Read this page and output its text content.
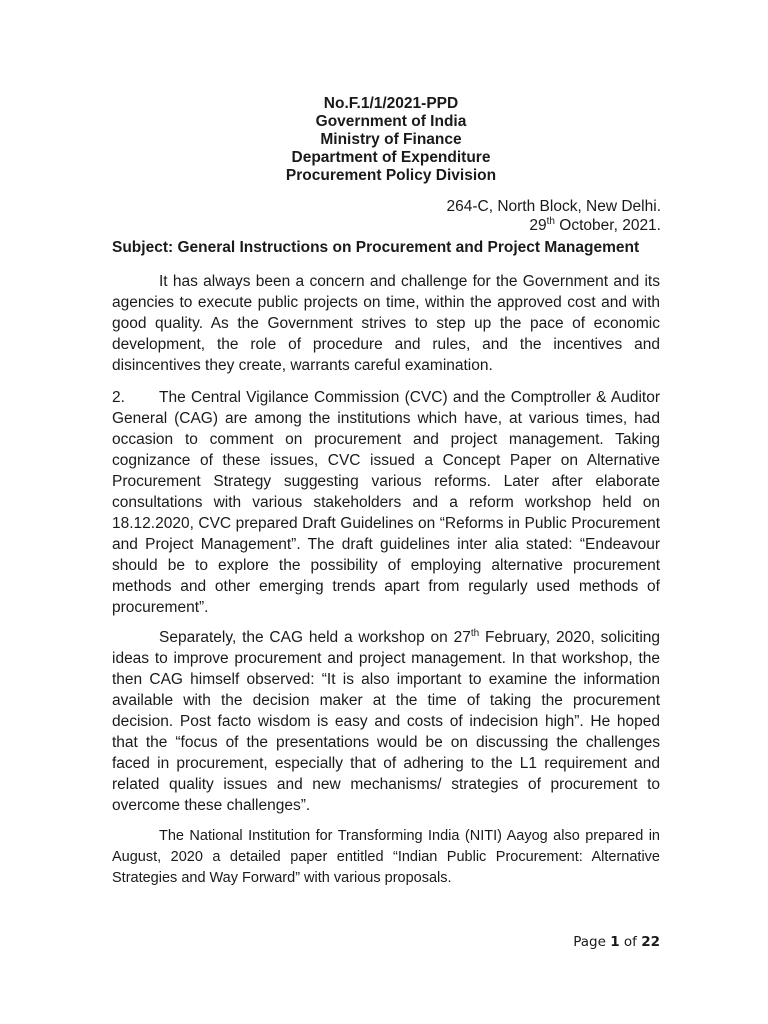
No.F.1/1/2021-PPD
Government of India
Ministry of Finance
Department of Expenditure
Procurement Policy Division
264-C, North Block, New Delhi.
29th October, 2021.
Subject: General Instructions on Procurement and Project Management

It has always been a concern and challenge for the Government and its agencies to execute public projects on time, within the approved cost and with good quality. As the Government strives to step up the pace of economic development, the role of procedure and rules, and the incentives and disincentives they create, warrants careful examination.

2. The Central Vigilance Commission (CVC) and the Comptroller & Auditor General (CAG) are among the institutions which have, at various times, had occasion to comment on procurement and project management. Taking cognizance of these issues, CVC issued a Concept Paper on Alternative Procurement Strategy suggesting various reforms. Later after elaborate consultations with various stakeholders and a reform workshop held on 18.12.2020, CVC prepared Draft Guidelines on “Reforms in Public Procurement and Project Management”. The draft guidelines inter alia stated: “Endeavour should be to explore the possibility of employing alternative procurement methods and other emerging trends apart from regularly used methods of procurement”.

Separately, the CAG held a workshop on 27th February, 2020, soliciting ideas to improve procurement and project management. In that workshop, the then CAG himself observed: “It is also important to examine the information available with the decision maker at the time of taking the procurement decision. Post facto wisdom is easy and costs of indecision high”. He hoped that the “focus of the presentations would be on discussing the challenges faced in procurement, especially that of adhering to the L1 requirement and related quality issues and new mechanisms/ strategies of procurement to overcome these challenges”.

The National Institution for Transforming India (NITI) Aayog also prepared in August, 2020 a detailed paper entitled “Indian Public Procurement: Alternative Strategies and Way Forward” with various proposals.

Page 1 of 22
